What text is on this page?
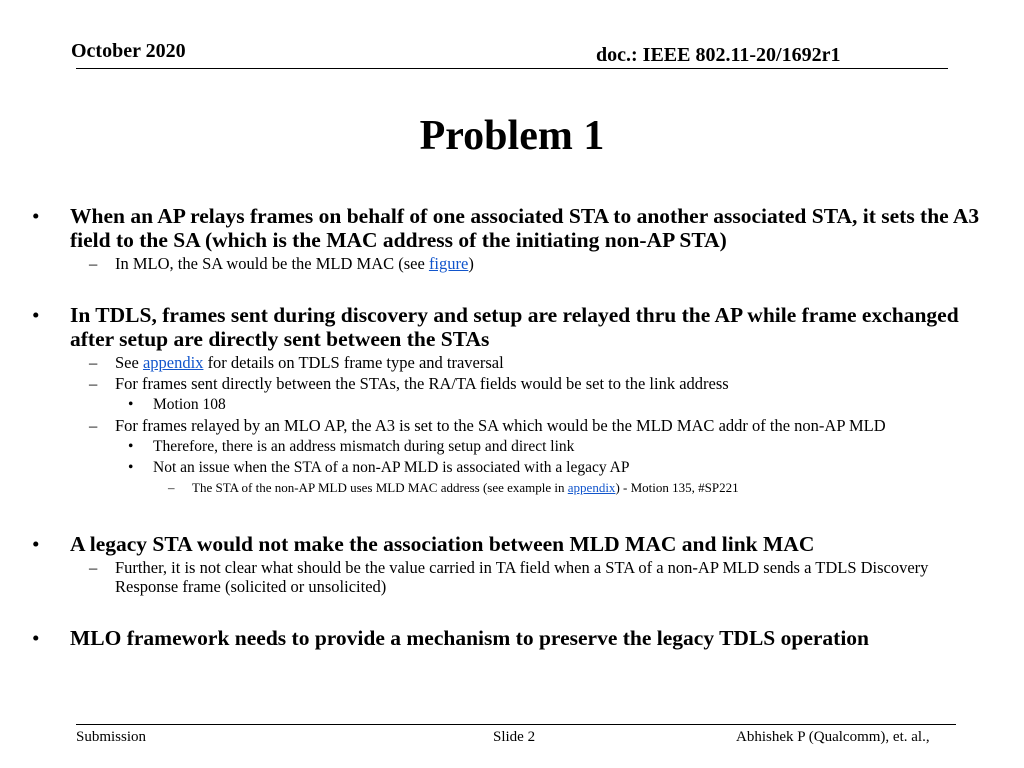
October 2020	doc.: IEEE 802.11-20/1692r1
Problem 1
• When an AP relays frames on behalf of one associated STA to another associated STA, it sets the A3 field to the SA (which is the MAC address of the initiating non-AP STA)
– In MLO, the SA would be the MLD MAC (see figure)
• In TDLS, frames sent during discovery and setup are relayed thru the AP while frame exchanged after setup are directly sent between the STAs
– See appendix for details on TDLS frame type and traversal
– For frames sent directly between the STAs, the RA/TA fields would be set to the link address
• Motion 108
– For frames relayed by an MLO AP, the A3 is set to the SA which would be the MLD MAC addr of the non-AP MLD
• Therefore, there is an address mismatch during setup and direct link
• Not an issue when the STA of a non-AP MLD is associated with a legacy AP
– The STA of the non-AP MLD uses MLD MAC address (see example in appendix) - Motion 135, #SP221
• A legacy STA would not make the association between MLD MAC and link MAC
– Further, it is not clear what should be the value carried in TA field when a STA of a non-AP MLD sends a TDLS Discovery Response frame (solicited or unsolicited)
• MLO framework needs to provide a mechanism to preserve the legacy TDLS operation
Submission	Slide 2	Abhishek P (Qualcomm), et. al.,
